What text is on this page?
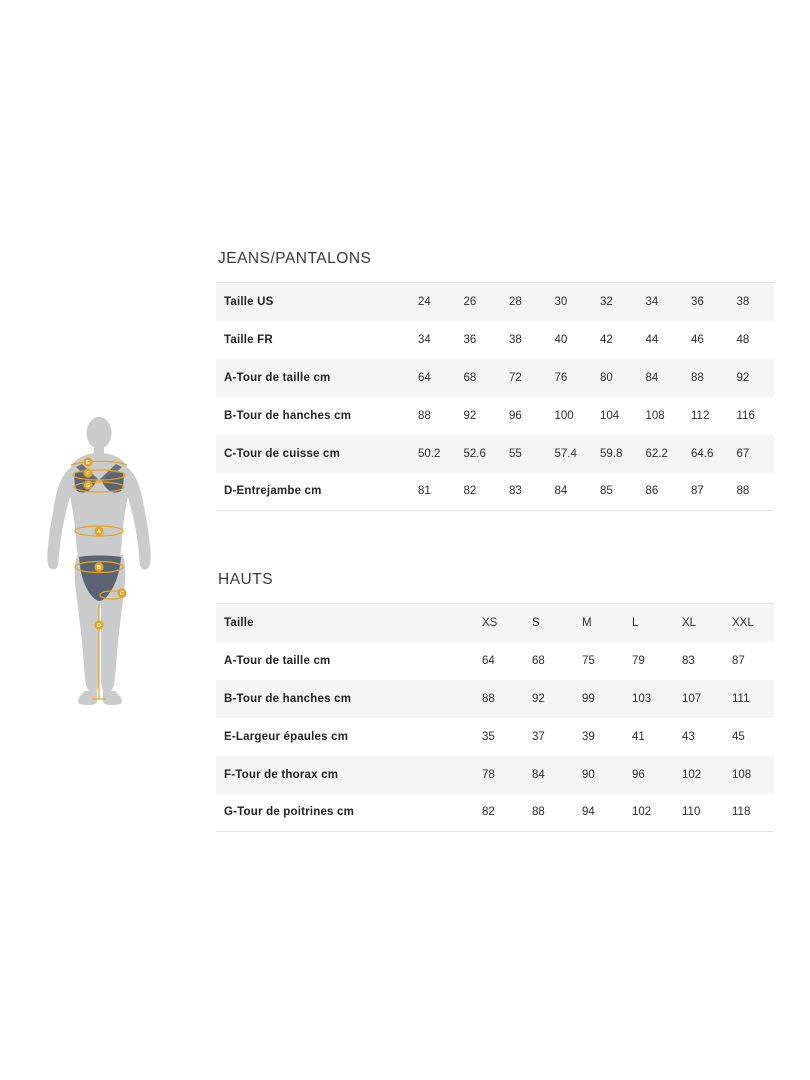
E
F
G
A
B
C
D
JEANS/PANTALONS
Taille US	24	26	28	30	32	34	36	38
Taille FR	34	36	38	40	42	44	46	48
A-Tour de taille cm	64	68	72	76	80	84	88	92
B-Tour de hanches cm	88	92	96	100	104	108	112	116
C-Tour de cuisse cm	50.2	52.6	55	57.4	59.8	62.2	64.6	67
D-Entrejambe cm	81	82	83	84	85	86	87	88
HAUTS
Taille	XS	S	M	L	XL	XXL
A-Tour de taille cm	64	68	75	79	83	87
B-Tour de hanches cm	88	92	99	103	107	111
E-Largeur épaules cm	35	37	39	41	43	45
F-Tour de thorax cm	78	84	90	96	102	108
G-Tour de poitrines cm	82	88	94	102	110	118
